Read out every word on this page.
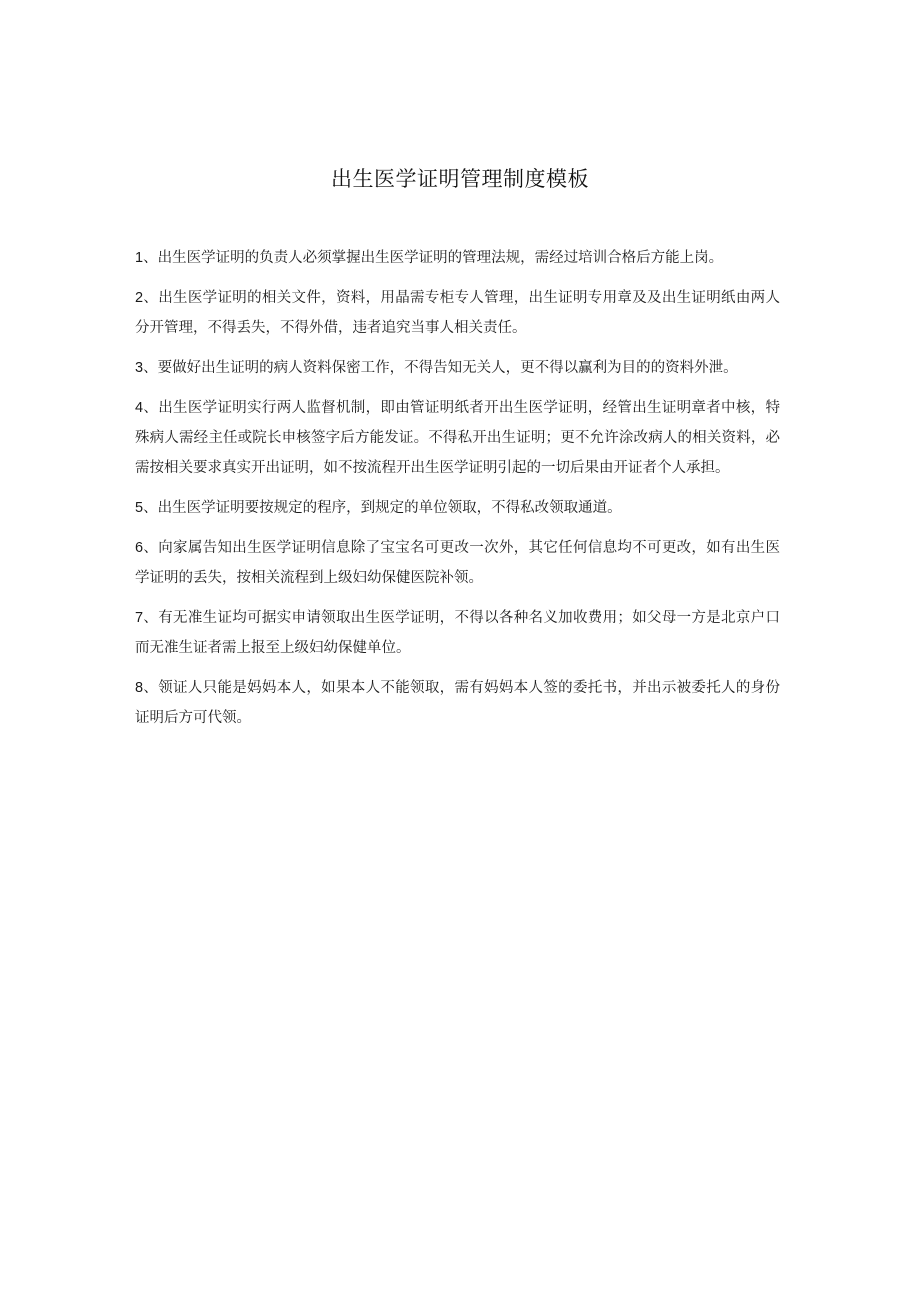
出生医学证明管理制度模板
1、出生医学证明的负责人必须掌握出生医学证明的管理法规，需经过培训合格后方能上岗。
2、出生医学证明的相关文件，资料，用晶需专柜专人管理，出生证明专用章及及出生证明纸由两人分开管理，不得丢失，不得外借，违者追究当事人相关责任。
3、要做好出生证明的病人资料保密工作，不得告知无关人，更不得以赢利为目的的资料外泄。
4、出生医学证明实行两人监督机制，即由管证明纸者开出生医学证明，经管出生证明章者中核，特殊病人需经主任或院长申核签字后方能发证。不得私开出生证明；更不允许涂改病人的相关资料，必需按相关要求真实开出证明，如不按流程开出生医学证明引起的一切后果由开证者个人承担。
5、出生医学证明要按规定的程序，到规定的单位领取，不得私改领取通道。
6、向家属告知出生医学证明信息除了宝宝名可更改一次外，其它任何信息均不可更改，如有出生医学证明的丢失，按相关流程到上级妇幼保健医院补领。
7、有无准生证均可据实申请领取出生医学证明，不得以各种名义加收费用；如父母一方是北京户口而无准生证者需上报至上级妇幼保健单位。
8、领证人只能是妈妈本人，如果本人不能领取，需有妈妈本人签的委托书，并出示被委托人的身份证明后方可代领。
